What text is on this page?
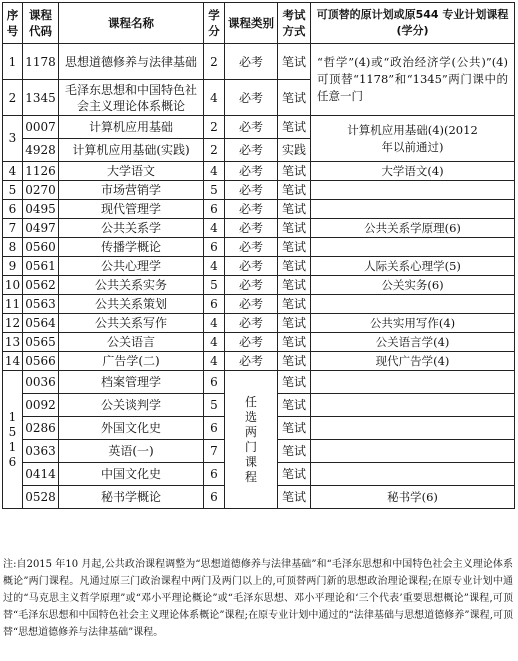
序号	课程代码	课程名称	学分	课程类别	考试方式	可顶替的原计划或原544 专业计划课程(学分)
1	1178	思想道德修养与法律基础	2	必考	笔试	“哲学”(4)或“政治经济学(公共)”(4)可顶替“1178”和“1345”两门课中的任意一门
2	1345	毛泽东思想和中国特色社会主义理论体系概论	4	必考	笔试	
3	0007	计算机应用基础	2	必考	笔试	计算机应用基础(4)(2012 年以前通过)
	4928	计算机应用基础(实践)	2	必考	实践	
4	1126	大学语文	4	必考	笔试	大学语文(4)
5	0270	市场营销学	5	必考	笔试	
6	0495	现代管理学	6	必考	笔试	
7	0497	公共关系学	4	必考	笔试	公共关系学原理(6)
8	0560	传播学概论	6	必考	笔试	
9	0561	公共心理学	4	必考	笔试	人际关系心理学(5)
10	0562	公共关系实务	5	必考	笔试	公关实务(6)
11	0563	公共关系策划	6	必考	笔试	
12	0564	公共关系写作	4	必考	笔试	公共实用写作(4)
13	0565	公关语言	4	必考	笔试	公关语言学(4)
14	0566	广告学(二)	4	必考	笔试	现代广告学(4)
15 16	0036	档案管理学	6	任选两门课程	笔试	
	0092	公关谈判学	5		笔试	
	0286	外国文化史	6		笔试	
	0363	英语(一)	7		笔试	
	0414	中国文化史	6		笔试	
	0528	秘书学概论	6		笔试	秘书学(6)
注:自2015 年10 月起,公共政治课程调整为“思想道德修养与法律基础”和“毛泽东思想和中国特色社会主义理论体系概论”两门课程。凡通过原三门政治课程中两门及两门以上的,可顶替两门新的思想政治理论课程;在原专业计划中通过的“马克思主义哲学原理”或“邓小平理论概论”或“毛泽东思想、邓小平理论和‘三个代表’重要思想概论”课程,可顶替“毛泽东思想和中国特色社会主义理论体系概论”课程;在原专业计划中通过的“法律基础与思想道德修养”课程,可顶替“思想道德修养与法律基础”课程。
